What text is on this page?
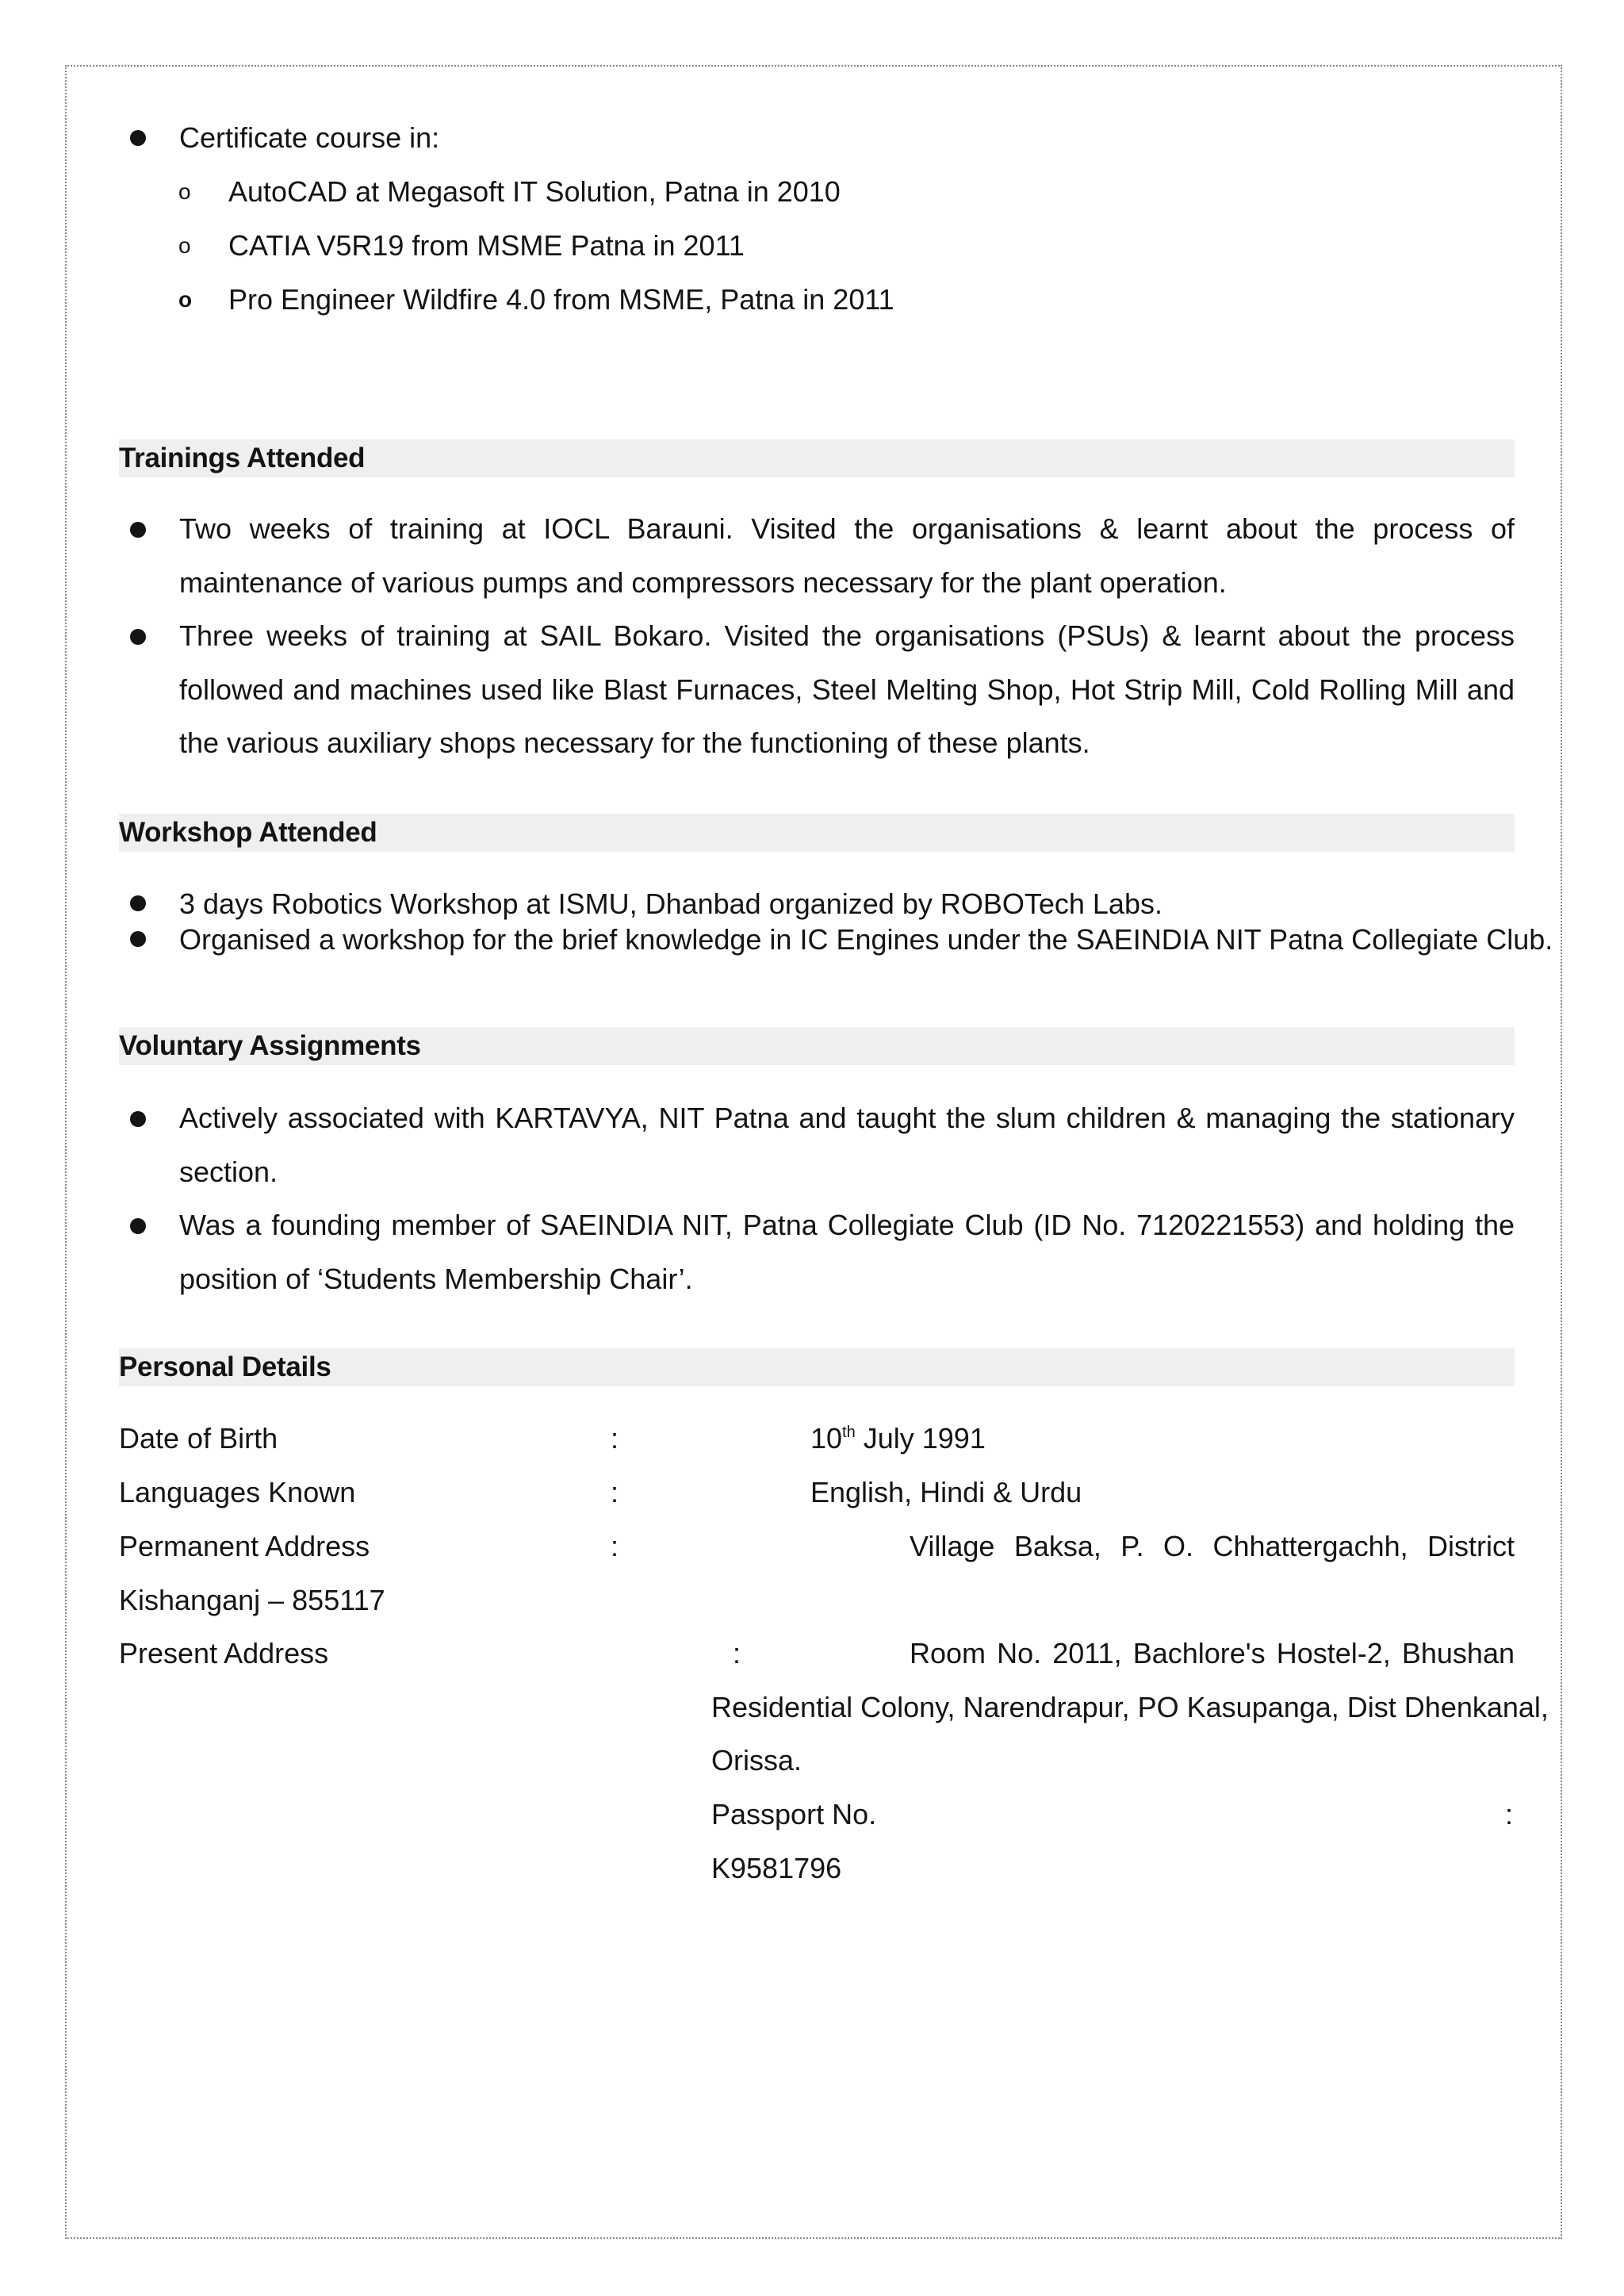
Certificate course in:
o AutoCAD at Megasoft IT Solution, Patna in 2010
o CATIA V5R19 from MSME Patna in 2011
o Pro Engineer Wildfire 4.0 from MSME, Patna in 2011
Trainings Attended
Two weeks of training at IOCL Barauni. Visited the organisations & learnt about the process of maintenance of various pumps and compressors necessary for the plant operation.
Three weeks of training at SAIL Bokaro. Visited the organisations (PSUs) & learnt about the process followed and machines used like Blast Furnaces, Steel Melting Shop, Hot Strip Mill, Cold Rolling Mill and the various auxiliary shops necessary for the functioning of these plants.
Workshop Attended
3 days Robotics Workshop at ISMU, Dhanbad organized by ROBOTech Labs.
Organised a workshop for the brief knowledge in IC Engines under the SAEINDIA NIT Patna Collegiate Club.
Voluntary Assignments
Actively associated with KARTAVYA, NIT Patna and taught the slum children & managing the stationary section.
Was a founding member of SAEINDIA NIT, Patna Collegiate Club (ID No. 7120221553) and holding the position of ‘Students Membership Chair’.
Personal Details
Date of Birth	:	10th July 1991
Languages Known	:	English, Hindi & Urdu
Permanent Address	:	Village Baksa, P. O. Chhattergachh, District
Kishanganj – 855117
Present Address	:	Room No. 2011, Bachlore's Hostel-2, Bhushan
Residential Colony, Narendrapur, PO Kasupanga, Dist Dhenkanal,
Orissa.
Passport No.	:
K9581796
